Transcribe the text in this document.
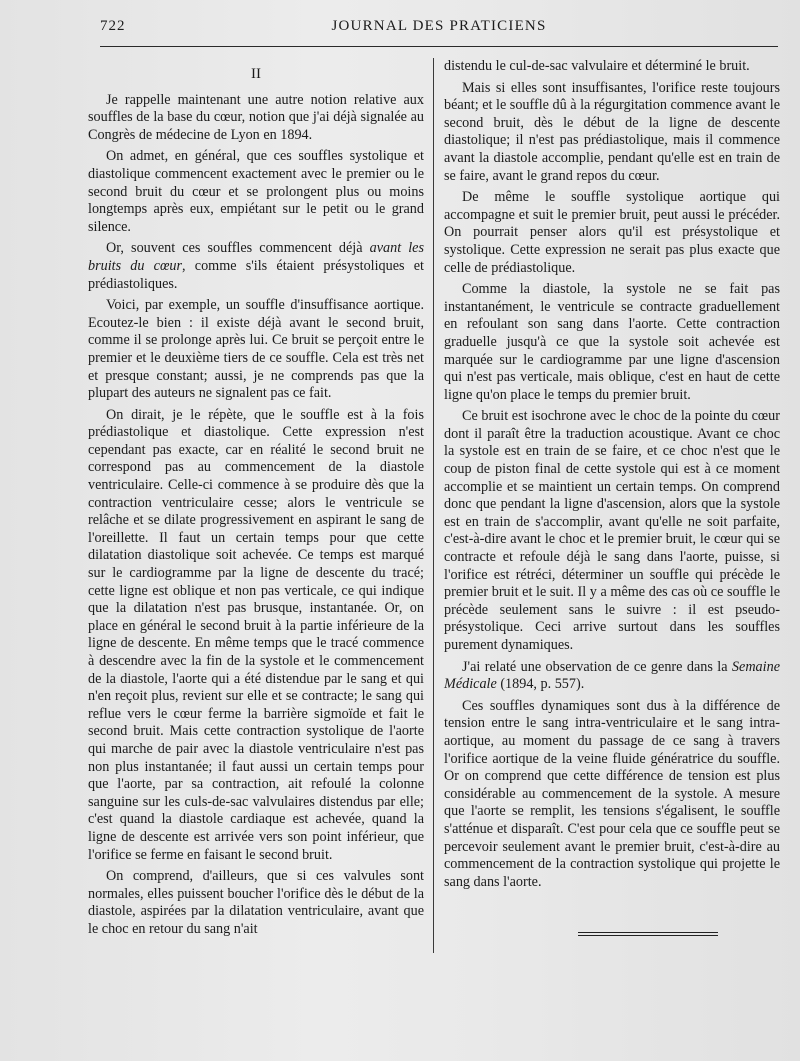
722	JOURNAL DES PRATICIENS
II

Je rappelle maintenant une autre notion relative aux souffles de la base du cœur, notion que j'ai déjà signalée au Congrès de médecine de Lyon en 1894.

On admet, en général, que ces souffles systolique et diastolique commencent exactement avec le premier ou le second bruit du cœur et se prolongent plus ou moins longtemps après eux, empiétant sur le petit ou le grand silence.

Or, souvent ces souffles commencent déjà avant les bruits du cœur, comme s'ils étaient présystoliques et prédiastoliques.

Voici, par exemple, un souffle d'insuffisance aortique. Ecoutez-le bien : il existe déjà avant le second bruit, comme il se prolonge après lui. Ce bruit se perçoit entre le premier et le deuxième tiers de ce souffle. Cela est très net et presque constant; aussi, je ne comprends pas que la plupart des auteurs ne signalent pas ce fait.

On dirait, je le répète, que le souffle est à la fois prédiastolique et diastolique. Cette expression n'est cependant pas exacte, car en réalité le second bruit ne correspond pas au commencement de la diastole ventriculaire. Celle-ci commence à se produire dès que la contraction ventriculaire cesse; alors le ventricule se relâche et se dilate progressivement en aspirant le sang de l'oreillette. Il faut un certain temps pour que cette dilatation diastolique soit achevée. Ce temps est marqué sur le cardiogramme par la ligne de descente du tracé; cette ligne est oblique et non pas verticale, ce qui indique que la dilatation n'est pas brusque, instantanée. Or, on place en général le second bruit à la partie inférieure de la ligne de descente. En même temps que le tracé commence à descendre avec la fin de la systole et le commencement de la diastole, l'aorte qui a été distendue par le sang et qui n'en reçoit plus, revient sur elle et se contracte; le sang qui reflue vers le cœur ferme la barrière sigmoïde et fait le second bruit. Mais cette contraction systolique de l'aorte qui marche de pair avec la diastole ventriculaire n'est pas non plus instantanée; il faut aussi un certain temps pour que l'aorte, par sa contraction, ait refoulé la colonne sanguine sur les culs-de-sac valvulaires distendus par elle; c'est quand la diastole cardiaque est achevée, quand la ligne de descente est arrivée vers son point inférieur, que l'orifice se ferme en faisant le second bruit.

On comprend, d'ailleurs, que si ces valvules sont normales, elles puissent boucher l'orifice dès le début de la diastole, aspirées par la dilatation ventriculaire, avant que le choc en retour du sang n'ait

distendu le cul-de-sac valvulaire et déterminé le bruit.

Mais si elles sont insuffisantes, l'orifice reste toujours béant; et le souffle dû à la régurgitation commence avant le second bruit, dès le début de la ligne de descente diastolique; il n'est pas prédiastolique, mais il commence avant la diastole accomplie, pendant qu'elle est en train de se faire, avant le grand repos du cœur.

De même le souffle systolique aortique qui accompagne et suit le premier bruit, peut aussi le précéder. On pourrait penser alors qu'il est présystolique et systolique. Cette expression ne serait pas plus exacte que celle de prédiastolique.

Comme la diastole, la systole ne se fait pas instantanément, le ventricule se contracte graduellement en refoulant son sang dans l'aorte. Cette contraction graduelle jusqu'à ce que la systole soit achevée est marquée sur le cardiogramme par une ligne d'ascension qui n'est pas verticale, mais oblique, c'est en haut de cette ligne qu'on place le temps du premier bruit.

Ce bruit est isochrone avec le choc de la pointe du cœur dont il paraît être la traduction acoustique. Avant ce choc la systole est en train de se faire, et ce choc n'est que le coup de piston final de cette systole qui est à ce moment accomplie et se maintient un certain temps. On comprend donc que pendant la ligne d'ascension, alors que la systole est en train de s'accomplir, avant qu'elle ne soit parfaite, c'est-à-dire avant le choc et le premier bruit, le cœur qui se contracte et refoule déjà le sang dans l'aorte, puisse, si l'orifice est rétréci, déterminer un souffle qui précède le premier bruit et le suit. Il y a même des cas où ce souffle le précède seulement sans le suivre : il est pseudo-présystolique. Ceci arrive surtout dans les souffles purement dynamiques.

J'ai relaté une observation de ce genre dans la Semaine Médicale (1894, p. 557).

Ces souffles dynamiques sont dus à la différence de tension entre le sang intra-ventriculaire et le sang intra-aortique, au moment du passage de ce sang à travers l'orifice aortique de la veine fluide génératrice du souffle. Or on comprend que cette différence de tension est plus considérable au commencement de la systole. A mesure que l'aorte se remplit, les tensions s'égalisent, le souffle s'atténue et disparaît. C'est pour cela que ce souffle peut se percevoir seulement avant le premier bruit, c'est-à-dire au commencement de la contraction systolique qui projette le sang dans l'aorte.
